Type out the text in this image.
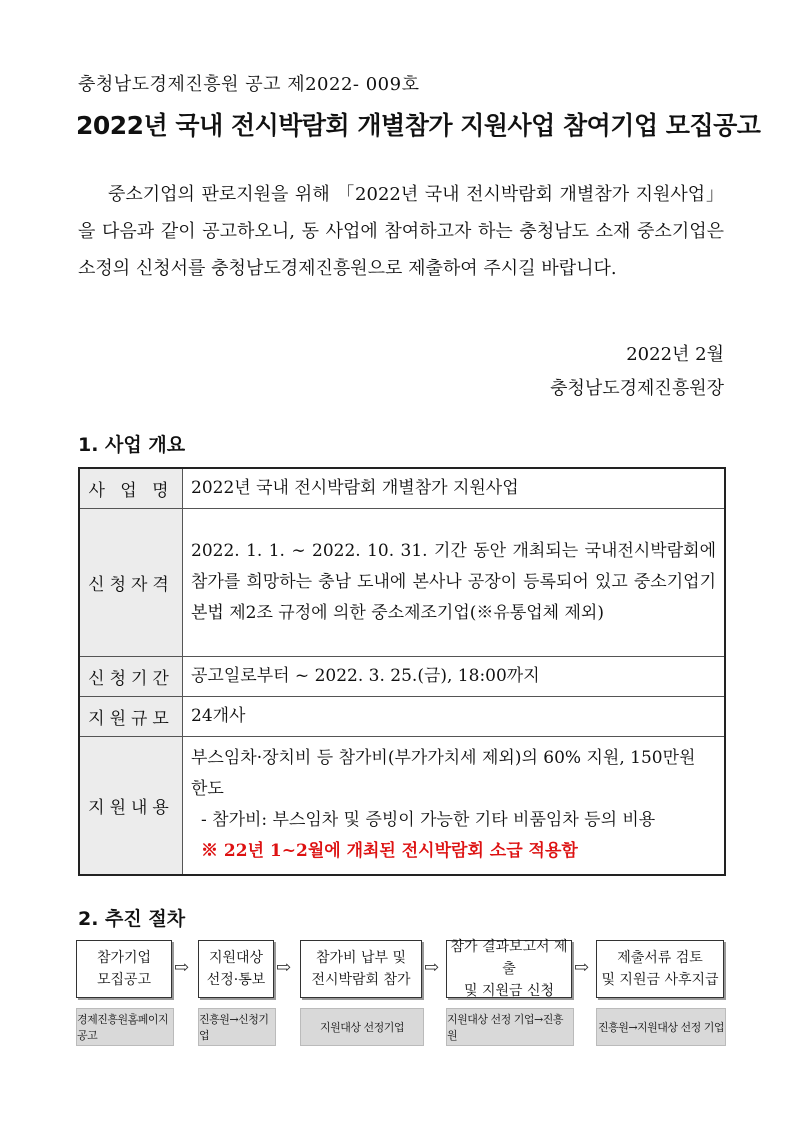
충청남도경제진흥원 공고 제2022- 009호
2022년 국내 전시박람회 개별참가 지원사업 참여기업 모집공고
중소기업의 판로지원을 위해 「2022년 국내 전시박람회 개별참가 지원사업」 을 다음과 같이 공고하오니, 동 사업에 참여하고자 하는 충청남도 소재 중소기업은 소정의 신청서를 충청남도경제진흥원으로 제출하여 주시길 바랍니다.
2022년 2월
충청남도경제진흥원장
1. 사업 개요
사 업 명	2022년 국내 전시박람회 개별참가 지원사업
신청자격	2022. 1. 1. ∼ 2022. 10. 31. 기간 동안 개최되는 국내전시박람회에 참가를 희망하는 충남 도내에 본사나 공장이 등록되어 있고 중소기업기본법 제2조 규정에 의한 중소제조기업(※유통업체 제외)
신청기간	공고일로부터 ~ 2022. 3. 25.(금), 18:00까지
지원규모	24개사
지원내용	부스임차·장치비 등 참가비(부가가치세 제외)의 60% 지원, 150만원 한도
- 참가비: 부스임차 및 증빙이 가능한 기타 비품임차 등의 비용
※ 22년 1~2월에 개최된 전시박람회 소급 적용함
2. 추진 절차
참가기업
모집공고
⇨ 지원대상
선정·통보
⇨	참가비 납부 및
전시박람회 참가
⇨
참가 결과보고서 제출
및 지원금 신청
⇨	제출서류 검토
및 지원금 사후지급
경제진흥원홈페이지 공고
진흥원→신청기업
지원대상 선정기업
지원대상 선정 기업→진흥원
진흥원→지원대상 선정 기업
